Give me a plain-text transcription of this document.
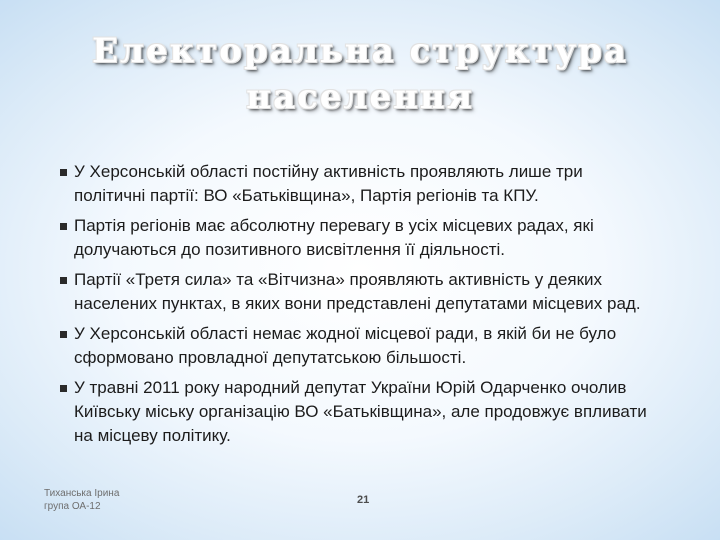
Електоральна структура
населення
У Херсонській області постійну активність проявляють лише три політичні партії: ВО «Батьківщина», Партія регіонів та КПУ.
Партія регіонів має абсолютну перевагу в усіх місцевих радах, які долучаються до позитивного висвітлення її діяльності.
Партії «Третя сила» та «Вітчизна» проявляють активність у деяких населених пунктах, в яких вони представлені депутатами місцевих рад.
У Херсонській області немає жодної місцевої ради, в якій би не було сформовано провладної депутатською більшості.
У травні 2011 року народний депутат України Юрій Одарченко очолив Київську міську організацію ВО «Батьківщина», але продовжує впливати на місцеву політику.
Тиханська Ірина
група ОА-12
21
